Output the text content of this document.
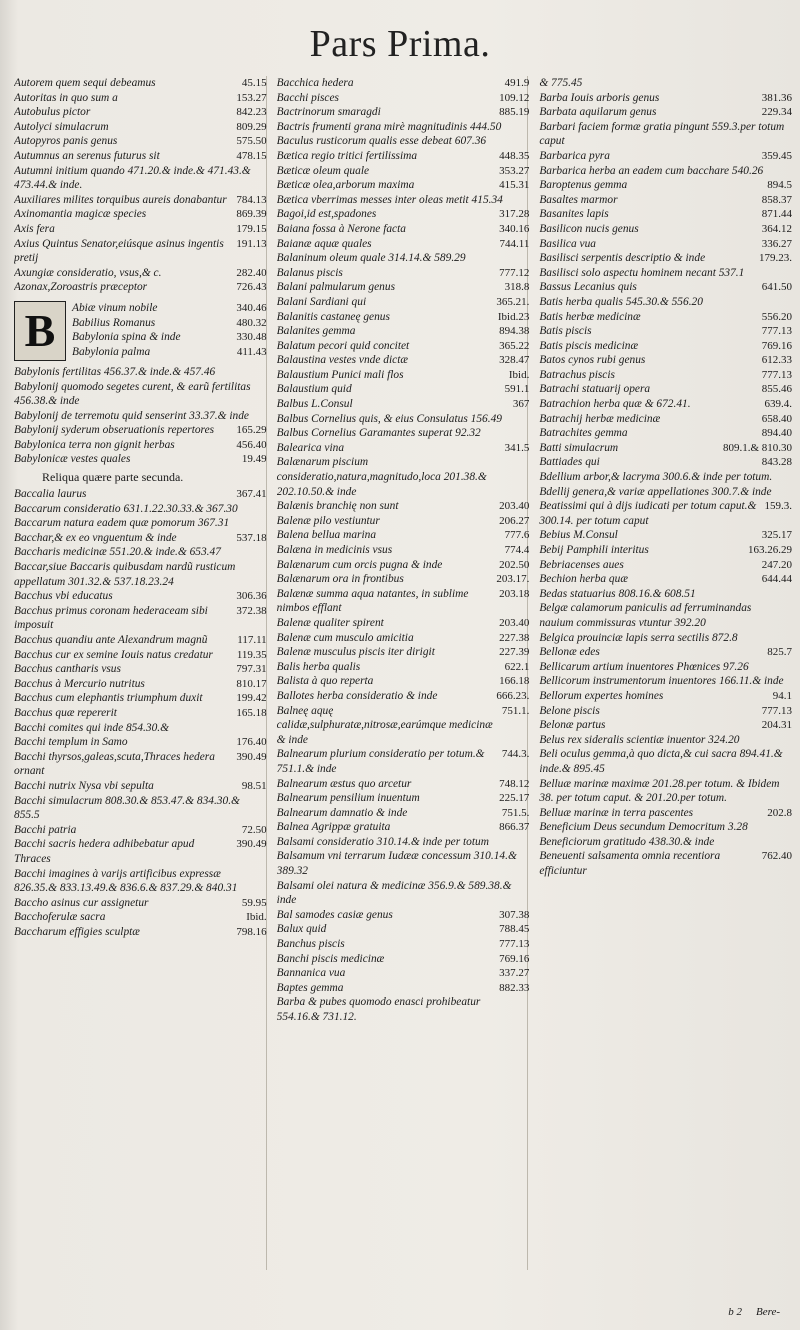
Pars Prima.
Autorem quem sequi debeamus	45.15
Autoritas in quo sum a	153.27
Autobulus pictor	842.23
Autolyci simulacrum	809.29
Autopyros panis genus	575.50
Autumnus an serenus futurus sit	478.15
Autumni initium quando 471.20.& inde.& 471.43.& 473.44.& inde.
Auxiliares milites torquibus aureis donabantur 784.13
Axinomantia magicæ species	869.39
Axis fera	179.15
Axius Quintus Senator,eiúsque asinus ingentis pretij
191.13
Axungiæ consideratio, vsus,& c.	282.40
Azonax,Zoroastris præceptor	726.43
B	Abiæ vinum nobile	340.46
Babilius Romanus	480.32
Babylonia spina & inde	330.48
Babylonia palma	411.43
Babylonis fertilitas 456.37.& inde.& 457.46
Babylonij quomodo segetes curent, & earũ fertilitas 456.38.& inde
Babylonij de terremotu quid senserint 33.37.& inde
Babylonij syderum obseruationis repertores	165.29
Babylonica terra non gignit herbas	456.40
Babylonicæ vestes quales	19.49
Reliqua quære parte secunda.
Baccalia laurus	367.41
Baccarum consideratio 631.1.22.30.33.& 367.30
Baccarum natura eadem quæ pomorum 367.31
Bacchar,& ex eo vnguentum & inde	537.18
Baccharis medicinæ 551.20.& inde.& 653.47
Baccar,siue Baccaris quibusdam nardũ rusticum appellatum 301.32.& 537.18.23.24
Bacchus vbi educatus	306.36
Bacchus primus coronam hederaceam sibi imposuit
372.38
Bacchus quandiu ante Alexandrum magnũ	117.11
Bacchus cur ex semine Iouis natus credatur	119.35
Bacchus cantharis vsus	797.31
Bacchus à Mercurio nutritus	810.17
Bacchus cum elephantis triumphum duxit	199.42
Bacchus quæ repererit	165.18
Bacchi comites qui inde 854.30.&
Bacchi templum in Samo	176.40
Bacchi thyrsos,galeas,scuta,Thraces hedera ornant
390.49
Bacchi nutrix Nysa vbi sepulta	98.51
Bacchi simulacrum 808.30.& 853.47.& 834.30.& 855.5
Bacchi patria	72.50
Bacchi sacris hedera adhibebatur apud Thraces
390.49
Bacchi imagines à varijs artificibus expressæ 826.35.& 833.13.49.& 836.6.& 837.29.& 840.31
Baccho asinus cur assignetur	59.95
Bacchoferulæ sacra	Ibid.
Baccharum effigies sculptæ	798.16
Bacchica hedera	491.9
Bacchi pisces	109.12
Bactrinorum smaragdi	885.19
Bactris frumenti grana mirè magnitudinis 444.50
Baculus rusticorum qualis esse debeat 607.36
Bætica regio tritici fertilissima	448.35
Bæticæ oleum quale	353.27
Bæticæ olea,arborum maxima	415.31
Bætica vberrimas messes inter oleas metit 415.34
Bagoi,id est,spadones	317.28
Baiana fossa à Nerone facta	340.16
Baianæ aquæ quales	744.11
Balaninum oleum quale 314.14.& 589.29
Balanus piscis	777.12
Balani palmularum genus	318.8
Balani Sardiani qui	365.21.
Balanitis castaneę genus	Ibid.23
Balanites gemma	894.38
Balatum pecori quid concitet	365.22
Balaustina vestes vnde dictæ	328.47
Balaustium Punici mali flos	Ibid.
Balaustium quid	591.1
Balbus L.Consul	367
Balbus Cornelius quis, & eius Consulatus 156.49
Balbus Cornelius Garamantes superat 92.32
Balearica vina	341.5
Balænarum piscium consideratio,natura,magnitudo,loca 201.38.& 202.10.50.& inde
Balænis branchię non sunt	203.40
Balenæ pilo vestiuntur	206.27
Balena bellua marina	777.6
Balæna in medicinis vsus	774.4
Balænarum cum orcis pugna & inde	202.50
Balænarum ora in frontibus	203.17.
Balænæ summa aqua natantes, in sublime nimbos efflant
203.18
Balenæ qualiter spirent	203.40
Balenæ cum musculo amicitia	227.38
Balenæ musculus piscis iter dirigit	227.39
Balis herba qualis	622.1
Balista à quo reperta	166.18
Ballotes herba consideratio & inde	666.23.
Balneę aquę calidæ,sulphuratæ,nitrosæ,earúmque medicinæ & inde
751.1.
Balnearum plurium consideratio per totum.& 751.1.& inde
744.3.
Balnearum æstus quo arcetur	748.12
Balnearum pensilium inuentum	225.17
Balnearum damnatio & inde	751.5.
Balnea Agrippæ gratuita	866.37
Balsami consideratio 310.14.& inde per totum
Balsamum vni terrarum Iudææ concessum 310.14.& 389.32
Balsami olei natura & medicinæ 356.9.& 589.38.& inde
Bal samodes casiæ genus	307.38
Balux quid	788.45
Banchus piscis	777.13
Banchi piscis medicinæ	769.16
Bannanica vua	337.27
Baptes gemma	882.33
Barba & pubes quomodo enasci prohibeatur 554.16.& 731.12.
& 775.45
Barba Iouis arboris genus	381.36
Barbata aquilarum genus	229.34
Barbari faciem formæ gratia pingunt 559.3.per totum caput
Barbarica pyra	359.45
Barbarica herba an eadem cum bacchare 540.26
Baroptenus gemma	894.5
Basaltes marmor	858.37
Basanites lapis	871.44
Basilicon nucis genus	364.12
Basilica vua	336.27
Basilisci serpentis descriptio & inde	179.23.
Basilisci solo aspectu hominem necant 537.1
Bassus Lecanius quis	641.50
Batis herba qualis 545.30.& 556.20
Batis herbæ medicinæ	556.20
Batis piscis	777.13
Batis piscis medicinæ	769.16
Batos cynos rubi genus	612.33
Batrachus piscis	777.13
Batrachi statuarij opera	855.46
Batrachion herba quæ & 672.41.	639.4.
Batrachij herbæ medicinæ	658.40
Batrachites gemma	894.40
Batti simulacrum	809.1.& 810.30
Battiades qui	843.28
Bdellium arbor,& lacryma 300.6.& inde per totum.
Bdellij genera,& variæ appellationes 300.7.& inde
Beatissimi qui à dijs iudicati per totum caput.& 300.14. per totum caput
159.3.
Bebius M.Consul	325.17
Bebij Pamphili interitus	163.26.29
Bebriacenses aues	247.20
Bechion herba quæ	644.44
Bedas statuarius 808.16.& 608.51
Belgæ calamorum paniculis ad ferruminandas nauium commissuras vtuntur 392.20
Belgica prouinciæ lapis serra sectilis 872.8
Bellonæ edes	825.7
Bellicarum artium inuentores Phœnices 97.26
Bellicorum instrumentorum inuentores 166.11.& inde
Bellorum expertes homines	94.1
Belone piscis	777.13
Belonæ partus	204.31
Belus rex sideralis scientiæ inuentor 324.20
Beli oculus gemma,à quo dicta,& cui sacra 894.41.& inde.& 895.45
Belluæ marinæ maximæ 201.28.per totum. & Ibidem 38. per totum caput. & 201.20.per totum.
Belluæ marinæ in terra pascentes	202.8
Beneficium Deus secundum Democritum 3.28
Beneficiorum gratitudo 438.30.& inde
Beneuenti salsamenta omnia recentiora efficiuntur
762.40
b 2 Bere-
